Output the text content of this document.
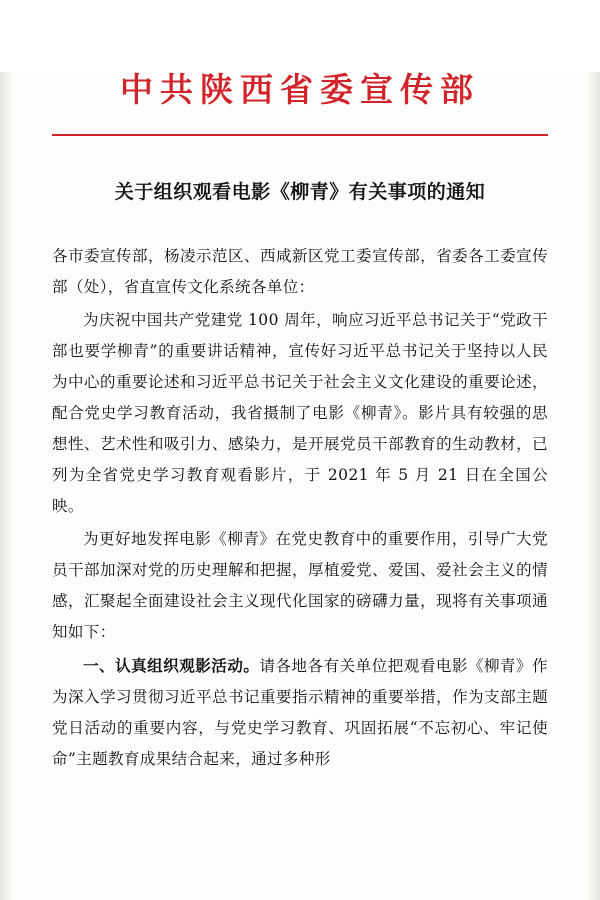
中共陕西省委宣传部
关于组织观看电影《柳青》有关事项的通知

各市委宣传部，杨凌示范区、西咸新区党工委宣传部，省委各工委宣传部（处），省直宣传文化系统各单位：

为庆祝中国共产党建党 100 周年，响应习近平总书记关于“党政干部也要学柳青”的重要讲话精神，宣传好习近平总书记关于坚持以人民为中心的重要论述和习近平总书记关于社会主义文化建设的重要论述，配合党史学习教育活动，我省摄制了电影《柳青》。影片具有较强的思想性、艺术性和吸引力、感染力，是开展党员干部教育的生动教材，已列为全省党史学习教育观看影片，于 2021 年 5 月 21 日在全国公映。

为更好地发挥电影《柳青》在党史教育中的重要作用，引导广大党员干部加深对党的历史理解和把握，厚植爱党、爱国、爱社会主义的情感，汇聚起全面建设社会主义现代化国家的磅礴力量，现将有关事项通知如下：

一、认真组织观影活动。请各地各有关单位把观看电影《柳青》作为深入学习贯彻习近平总书记重要指示精神的重要举措，作为支部主题党日活动的重要内容，与党史学习教育、巩固拓展“不忘初心、牢记使命”主题教育成果结合起来，通过多种形
